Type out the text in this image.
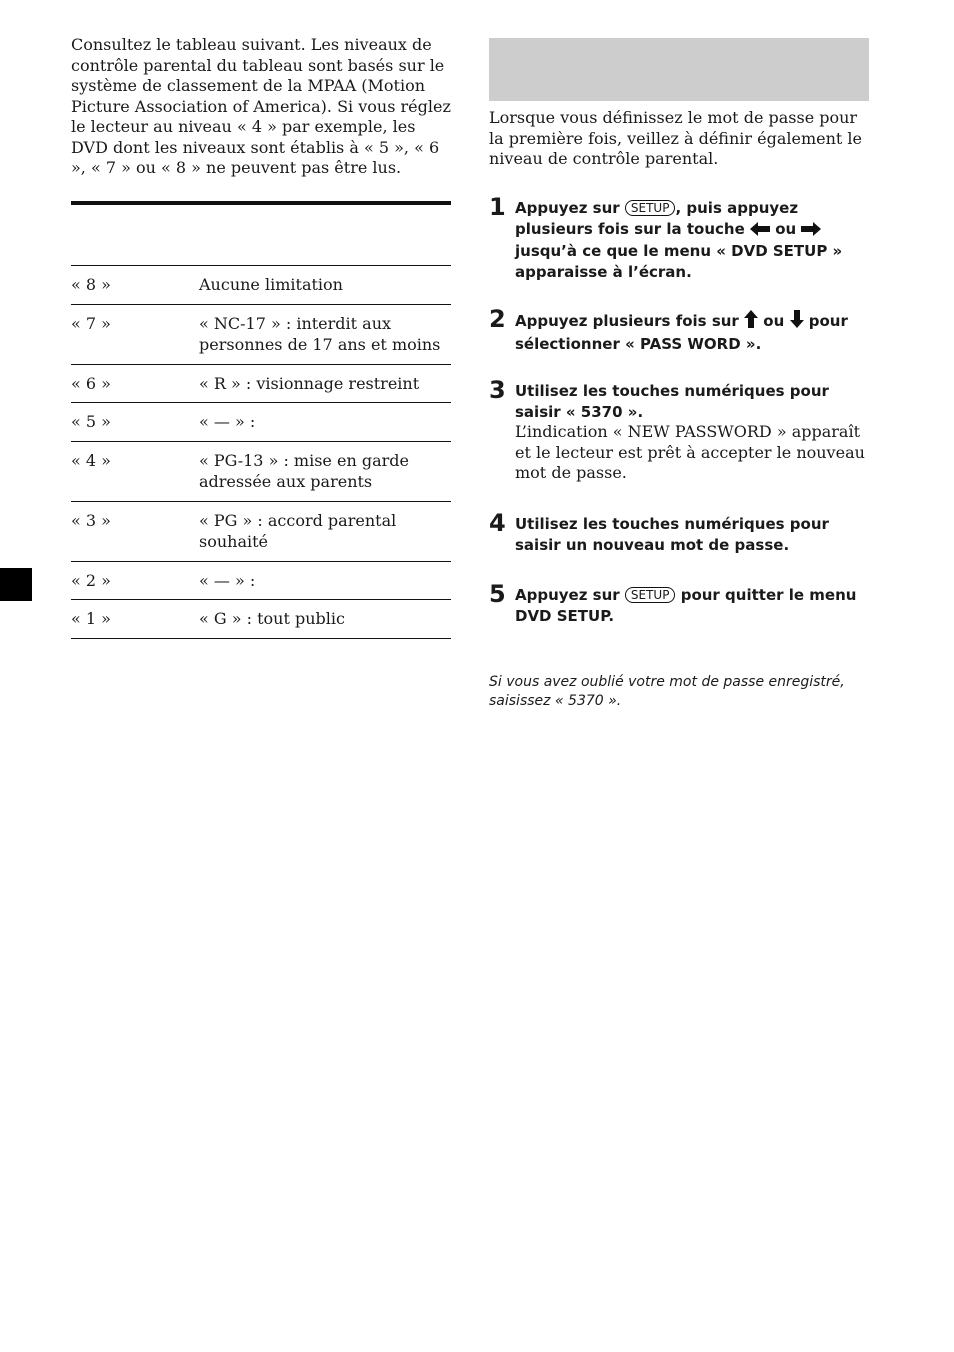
Consultez le tableau suivant. Les niveaux de contrôle parental du tableau sont basés sur le système de classement de la MPAA (Motion Picture Association of America). Si vous réglez le lecteur au niveau « 4 » par exemple, les DVD dont les niveaux sont établis à « 5 », « 6 », « 7 » ou « 8 » ne peuvent pas être lus.

« 8 »	Aucune limitation
« 7 »	« NC-17 » : interdit aux personnes de 17 ans et moins
« 6 »	« R » : visionnage restreint
« 5 »	« — » :
« 4 »	« PG-13 » : mise en garde adressée aux parents
« 3 »	« PG » : accord parental souhaité
« 2 »	« — » :
« 1 »	« G » : tout public

Lorsque vous définissez le mot de passe pour la première fois, veillez à définir également le niveau de contrôle parental.

1 Appuyez sur SETUP , puis appuyez plusieurs fois sur la touche ou  jusqu’à ce que le menu « DVD SETUP » apparaisse à l’écran.
2 Appuyez plusieurs fois sur ou pour sélectionner « PASS WORD ».
3 Utilisez les touches numériques pour saisir « 5370 ».
L’indication « NEW PASSWORD » apparaît et le lecteur est prêt à accepter le nouveau mot de passe.
4 Utilisez les touches numériques pour saisir un nouveau mot de passe.
5 Appuyez sur SETUP pour quitter le menu DVD SETUP.

Si vous avez oublié votre mot de passe enregistré, saisissez « 5370 ».
